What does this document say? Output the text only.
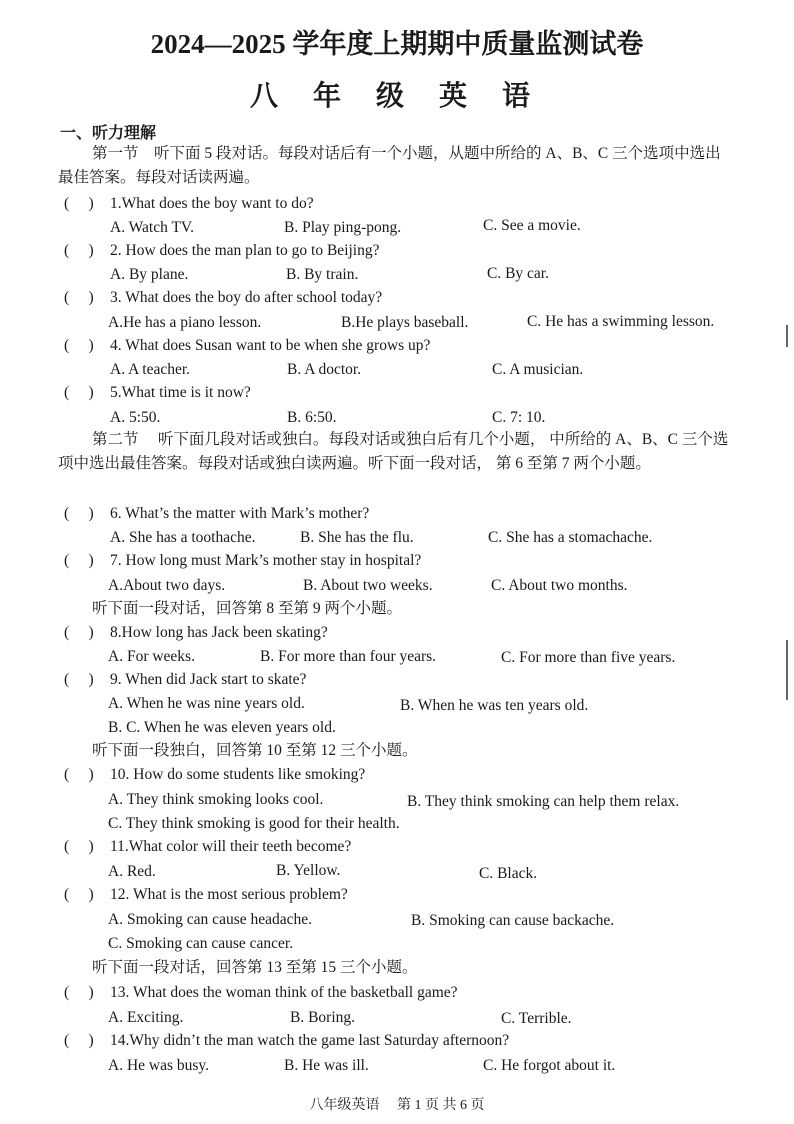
2024—2025 学年度上期期中质量监测试卷
八 年 级 英 语
一、听力理解
第一节　听下面 5 段对话。每段对话后有一个小题，从题中所给的 A、B、C 三个选项中选出最佳答案。每段对话读两遍。
(　 ) 1.What does the boy want to do?
A. Watch TV.	B. Play ping-pong.	C. See a movie.
(　 ) 2. How does the man plan to go to Beijing?
A. By plane.	B. By train.	C. By car.
(　 ) 3. What does the boy do after school today?
A.He has a piano lesson.	B.He plays baseball.	C. He has a swimming lesson.
(　 ) 4. What does Susan want to be when she grows up?
A. A teacher.	B. A doctor.	C. A musician.
(　 ) 5.What time is it now?
A. 5:50.	B. 6:50.	C. 7: 10.
第二节　 听下面几段对话或独白。每段对话或独白后有几个小题， 中所给的 A、B、C 三个选项中选出最佳答案。每段对话或独白读两遍。听下面一段对话， 第 6 至第 7 两个小题。
(　 ) 6. What’s the matter with Mark’s mother?
A. She has a toothache.	B. She has the flu.	C. She has a stomachache.
(　 ) 7. How long must Mark’s mother stay in hospital?
A.About two days.	B. About two weeks.	C. About two months.
听下面一段对话，回答第 8 至第 9 两个小题。
(　 ) 8.How long has Jack been skating?
A. For weeks.	B. For more than four years.	C. For more than five years.
(　 ) 9. When did Jack start to skate?
A. When he was nine years old.	B. When he was ten years old.
B. C. When he was eleven years old.
听下面一段独白，回答第 10 至第 12 三个小题。
(　 ) 10. How do some students like smoking?
A. They think smoking looks cool.	B. They think smoking can help them relax.
C. They think smoking is good for their health.
(　 ) 11.What color will their teeth become?
A. Red.	B. Yellow.	C. Black.
(　 ) 12. What is the most serious problem?
A. Smoking can cause headache.	B. Smoking can cause backache.
C. Smoking can cause cancer.
听下面一段对话，回答第 13 至第 15 三个小题。
(　 ) 13. What does the woman think of the basketball game?
A. Exciting.	B. Boring.	C. Terrible.
(　 ) 14.Why didn’t the man watch the game last Saturday afternoon?
A. He was busy.	B. He was ill.	C. He forgot about it.
八年级英语　 第 1 页 共 6 页
